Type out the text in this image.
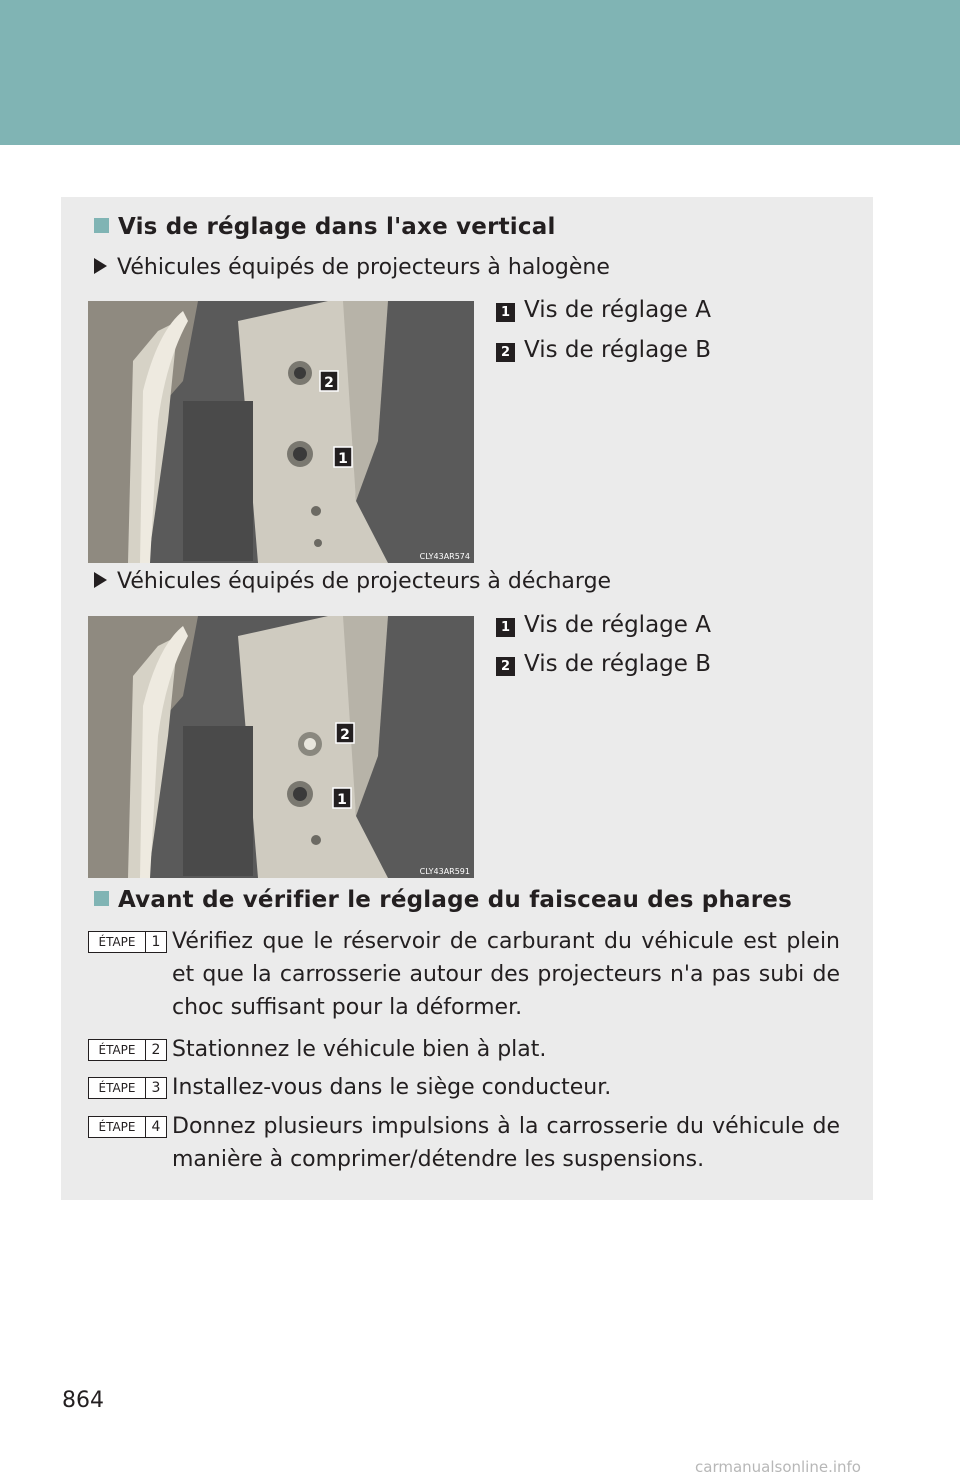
Vis de réglage dans l'axe vertical
Véhicules équipés de projecteurs à halogène
2
1
CLY43AR574
1 Vis de réglage A
2 Vis de réglage B
Véhicules équipés de projecteurs à décharge
2
1
CLY43AR591
1 Vis de réglage A
2 Vis de réglage B
Avant de vérifier le réglage du faisceau des phares
ÉTAPE	1 Vérifiez que le réservoir de carburant du véhicule est plein et que la carrosserie autour des projecteurs n'a pas subi de choc suffisant pour la déformer.
ÉTAPE	2 Stationnez le véhicule bien à plat.
ÉTAPE	3 Installez-vous dans le siège conducteur.
ÉTAPE	4 Donnez plusieurs impulsions à la carrosserie du véhicule de manière à comprimer/détendre les suspensions.
864
carmanualsonline.info
